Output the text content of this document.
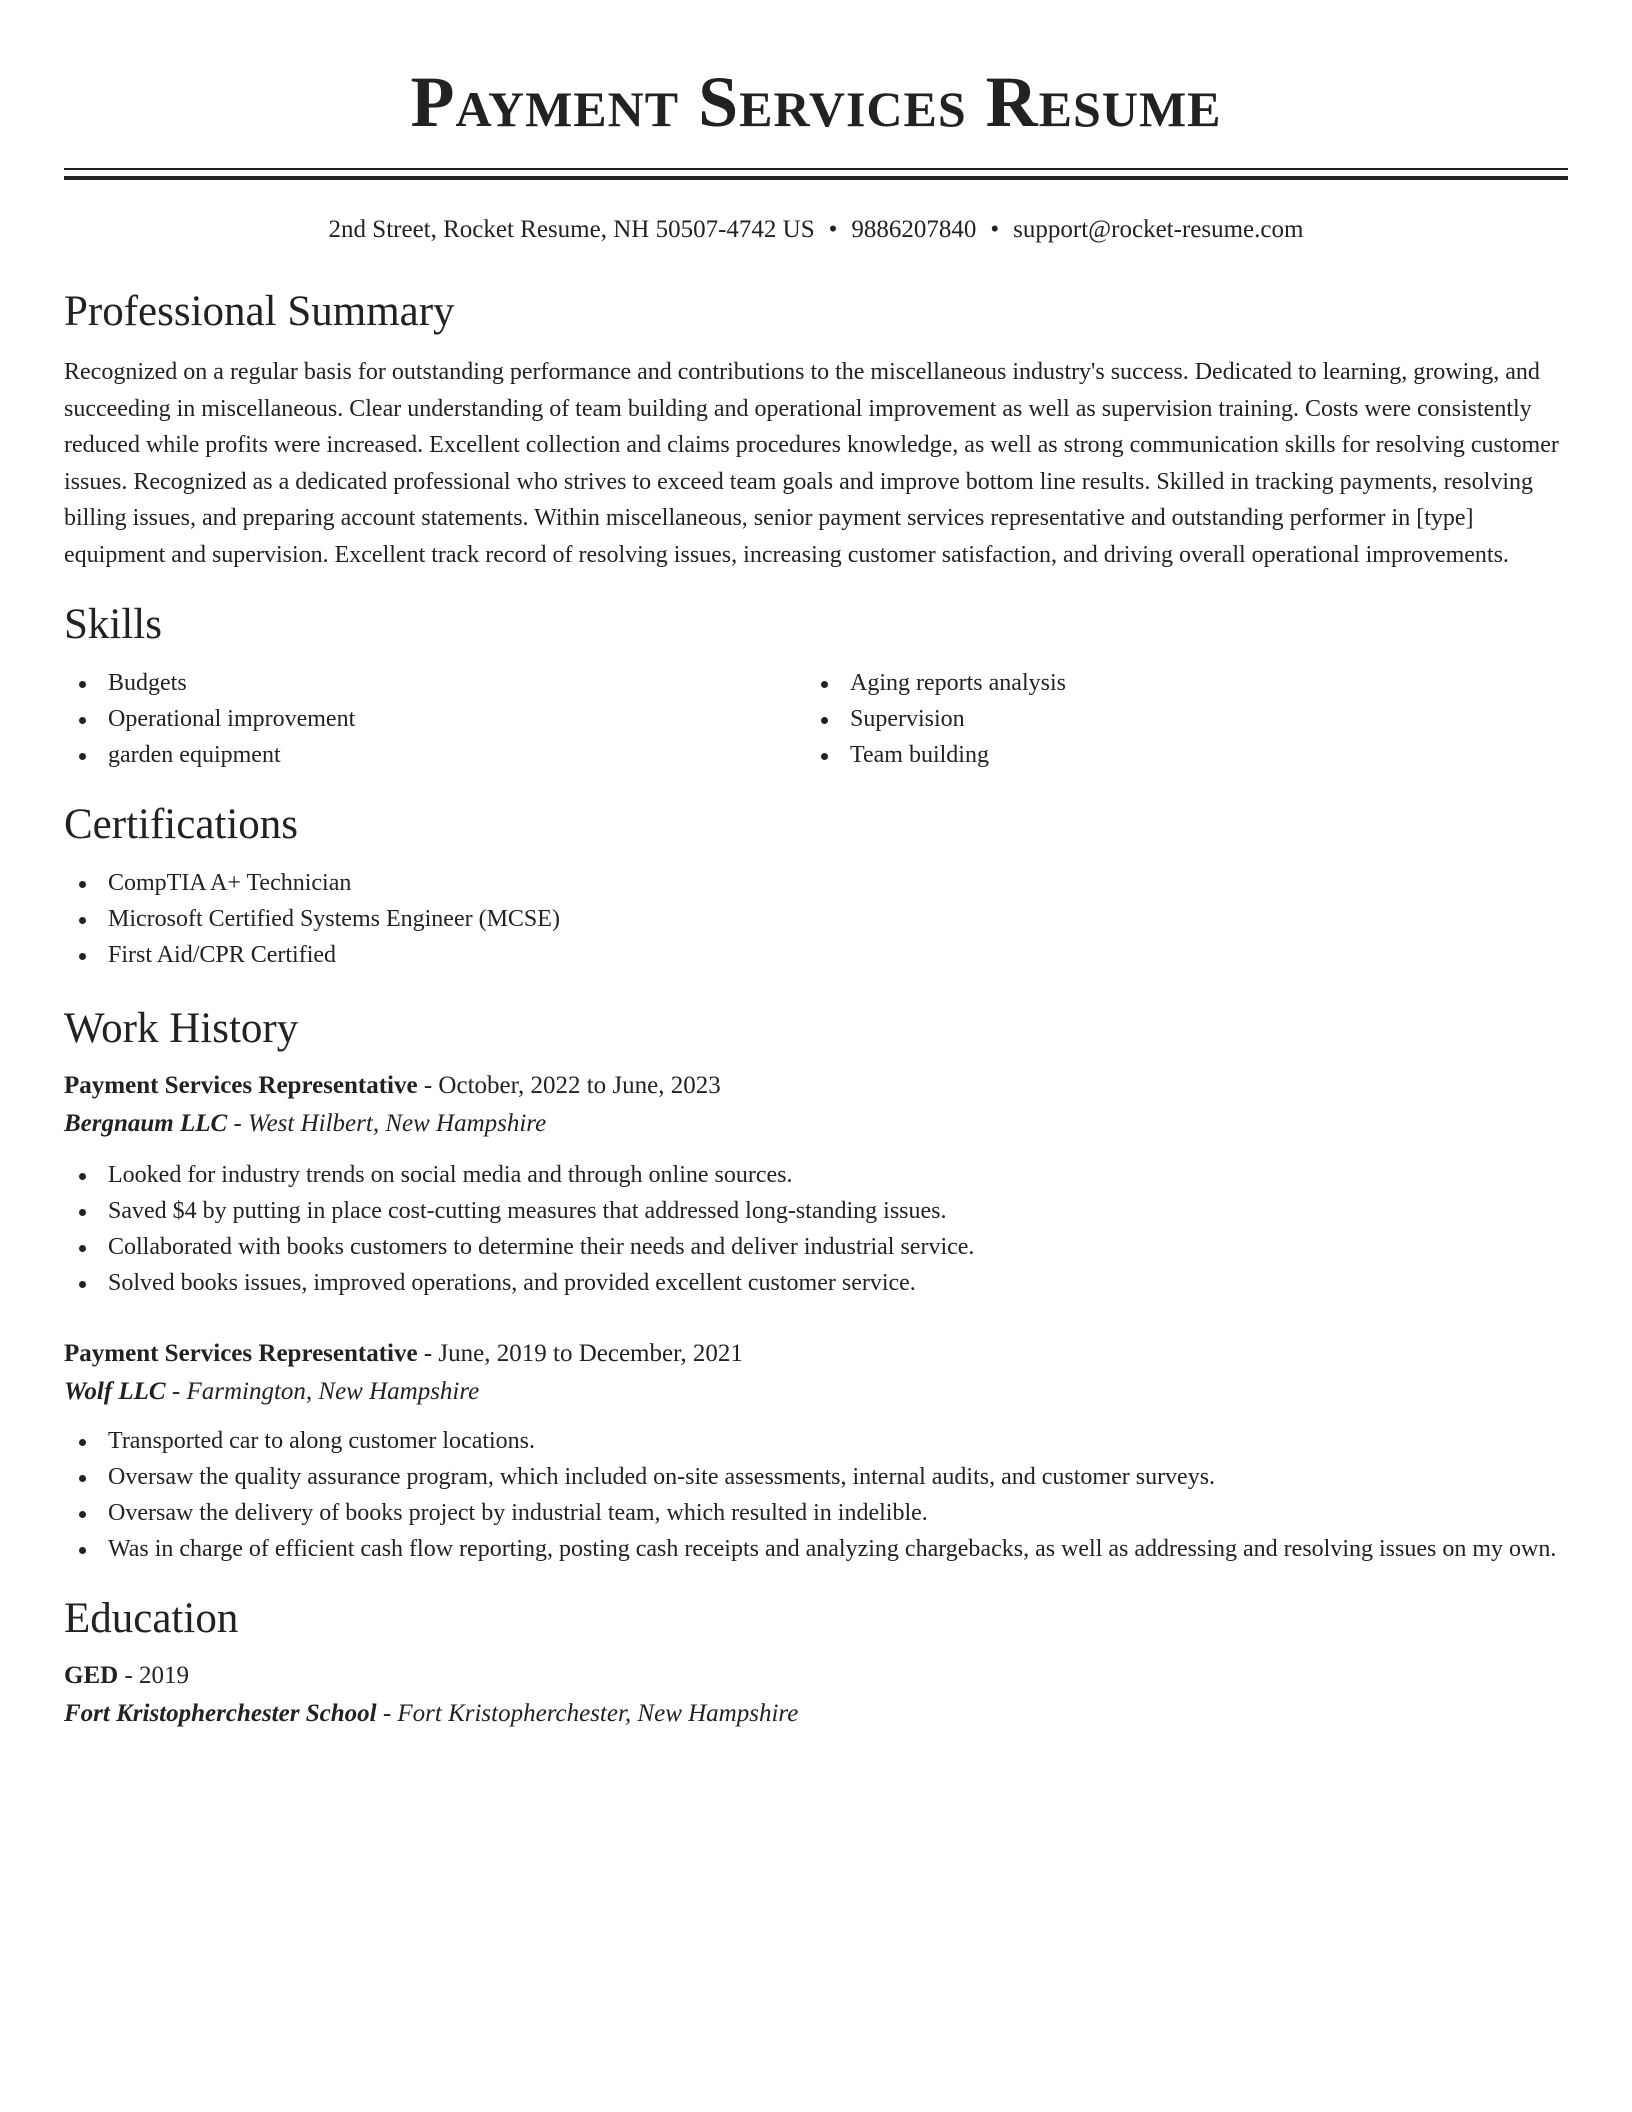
Payment Services Resume
2nd Street, Rocket Resume, NH 50507-4742 US • 9886207840 • support@rocket-resume.com
Professional Summary

Recognized on a regular basis for outstanding performance and contributions to the miscellaneous industry's success. Dedicated to learning, growing, and succeeding in miscellaneous. Clear understanding of team building and operational improvement as well as supervision training. Costs were consistently reduced while profits were increased. Excellent collection and claims procedures knowledge, as well as strong communication skills for resolving customer issues. Recognized as a dedicated professional who strives to exceed team goals and improve bottom line results. Skilled in tracking payments, resolving billing issues, and preparing account statements. Within miscellaneous, senior payment services representative and outstanding performer in [type] equipment and supervision. Excellent track record of resolving issues, increasing customer satisfaction, and driving overall operational improvements.

Skills
Budgets
Operational improvement
garden equipment
Aging reports analysis
Supervision
Team building
Certifications
CompTIA A+ Technician
Microsoft Certified Systems Engineer (MCSE)
First Aid/CPR Certified
Work History
Payment Services Representative - October, 2022 to June, 2023
Bergnaum LLC - West Hilbert, New Hampshire
Looked for industry trends on social media and through online sources.
Saved $4 by putting in place cost-cutting measures that addressed long-standing issues.
Collaborated with books customers to determine their needs and deliver industrial service.
Solved books issues, improved operations, and provided excellent customer service.
Payment Services Representative - June, 2019 to December, 2021
Wolf LLC - Farmington, New Hampshire
Transported car to along customer locations.
Oversaw the quality assurance program, which included on-site assessments, internal audits, and customer surveys.
Oversaw the delivery of books project by industrial team, which resulted in indelible.
Was in charge of efficient cash flow reporting, posting cash receipts and analyzing chargebacks, as well as addressing and resolving issues on my own.
Education
GED - 2019
Fort Kristopherchester School - Fort Kristopherchester, New Hampshire
